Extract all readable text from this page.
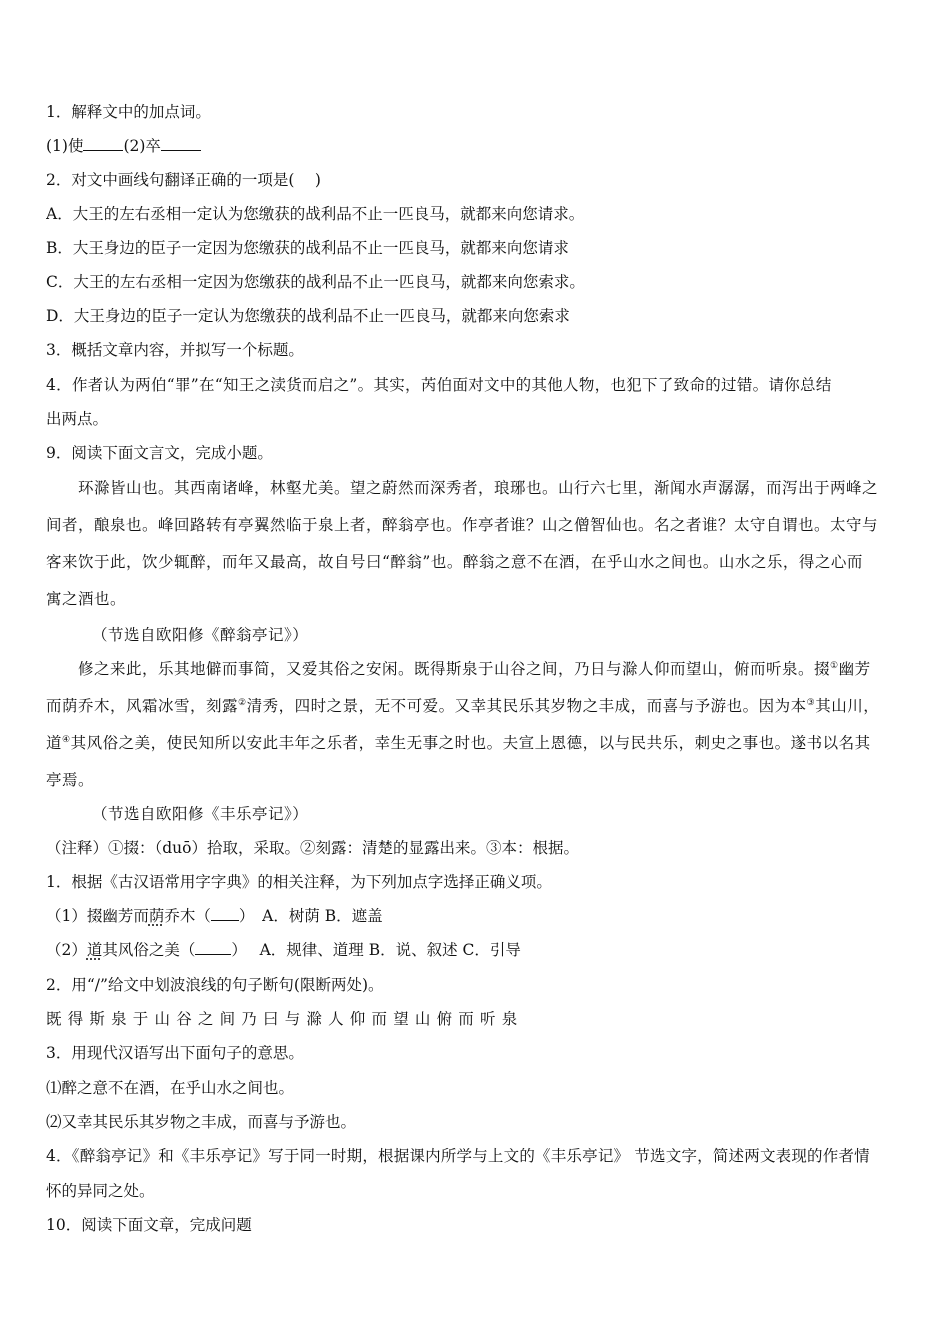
1．解释文中的加点词。
(1)使	(2)卒
2．对文中画线句翻译正确的一项是(　 )
A．大王的左右丞相一定认为您缴获的战利品不止一匹良马，就都来向您请求。
B．大王身边的臣子一定因为您缴获的战利品不止一匹良马，就都来向您请求
C．大王的左右丞相一定因为您缴获的战利品不止一匹良马，就都来向您索求。
D．大王身边的臣子一定认为您缴获的战利品不止一匹良马，就都来向您索求
3．概括文章内容，并拟写一个标题。
4．作者认为两伯“罪”在“知王之渎货而启之”。其实，芮伯面对文中的其他人物，也犯下了致命的过错。请你总结
出两点。
9．阅读下面文言文，完成小题。
环滁皆山也。其西南诸峰，林壑尤美。望之蔚然而深秀者，琅琊也。山行六七里，渐闻水声潺潺，而泻出于两峰之
间者，酿泉也。峰回路转有亭翼然临于泉上者，醉翁亭也。作亭者谁？山之僧智仙也。名之者谁？太守自谓也。太守与
客来饮于此，饮少辄醉，而年又最高，故自号曰“醉翁”也。醉翁之意不在酒，在乎山水之间也。山水之乐，得之心而
寓之酒也。
（节选自欧阳修《醉翁亭记》）
修之来此，乐其地僻而事简，又爱其俗之安闲。既得斯泉于山谷之间，乃日与滁人仰而望山，俯而听泉。掇①幽芳
而荫乔木，风霜冰雪，刻露②清秀，四时之景，无不可爱。又幸其民乐其岁物之丰成，而喜与予游也。因为本③其山川，
道④其风俗之美，使民知所以安此丰年之乐者，幸生无事之时也。夫宣上恩德，以与民共乐，刺史之事也。遂书以名其
亭焉。
（节选自欧阳修《丰乐亭记》）
（注释）①掇：（duō）拾取，采取。②刻露：清楚的显露出来。③本：根据。
1．根据《古汉语常用字字典》的相关注释，为下列加点字选择正确义项。
（1）掇幽芳而荫乔木（ ）　A．树荫 B．遮盖
（2）道其风俗之美（ ）　 A．规律、道理 B．说、叙述 C．引导
2．用“/”给文中划波浪线的句子断句(限断两处)。
既得斯泉于山谷之间乃曰与滁人仰而望山俯而听泉
3．用现代汉语写出下面句子的意思。
⑴醉之意不在酒，在乎山水之间也。
⑵又幸其民乐其岁物之丰成，而喜与予游也。
4．《醉翁亭记》和《丰乐亭记》写于同一时期，根据课内所学与上文的《丰乐亭记》 节选文字，简述两文表现的作者情
怀的异同之处。
10．阅读下面文章，完成问题
